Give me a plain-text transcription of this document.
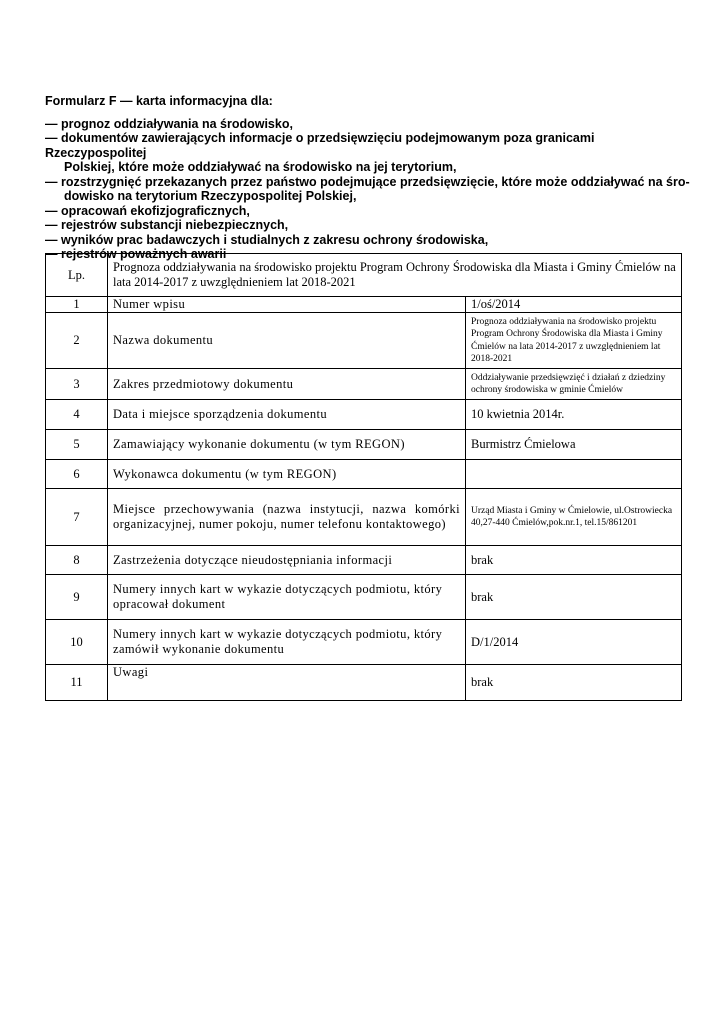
Formularz F — karta informacyjna dla:
— prognoz oddziaływania na środowisko,
— dokumentów zawierających informacje o przedsięwzięciu podejmowanym poza granicami Rzeczypospolitej
Polskiej, które może oddziaływać na środowisko na jej terytorium,
— rozstrzygnięć przekazanych przez państwo podejmujące przedsięwzięcie, które może oddziaływać na śro-
dowisko na terytorium Rzeczypospolitej Polskiej,
— opracowań ekofizjograficznych,
— rejestrów substancji niebezpiecznych,
— wyników prac badawczych i studialnych z zakresu ochrony środowiska,
— rejestrów poważnych awarii
Lp.	Prognoza oddziaływania na środowisko projektu Program Ochrony Środowiska dla Miasta i Gminy Ćmielów na lata 2014-2017 z uwzględnieniem lat 2018-2021	
1	Numer wpisu	1/oś/2014
2	Nazwa dokumentu	Prognoza oddziaływania na środowisko projektu Program Ochrony Środowiska dla Miasta i Gminy Ćmielów na lata 2014-2017 z uwzględnieniem lat 2018-2021
3	Zakres przedmiotowy dokumentu	Oddziaływanie przedsięwzięć i działań z dziedziny ochrony środowiska w gminie Ćmielów
4	Data i miejsce sporządzenia dokumentu	10 kwietnia 2014r.
5	Zamawiający wykonanie dokumentu (w tym REGON)	Burmistrz Ćmielowa
6	Wykonawca dokumentu (w tym REGON)	
7	Miejsce przechowywania (nazwa instytucji, nazwa komórki organizacyjnej, numer pokoju, numer telefonu kontaktowego)	Urząd Miasta i Gminy w Ćmielowie, ul.Ostrowiecka 40,27-440 Ćmielów,pok.nr.1, tel.15/861201
8	Zastrzeżenia dotyczące nieudostępniania informacji	brak
9	Numery innych kart w wykazie dotyczących podmiotu, który opracował dokument	brak
10	Numery innych kart w wykazie dotyczących podmiotu, który zamówił wykonanie dokumentu	D/1/2014
11	Uwagi	brak
